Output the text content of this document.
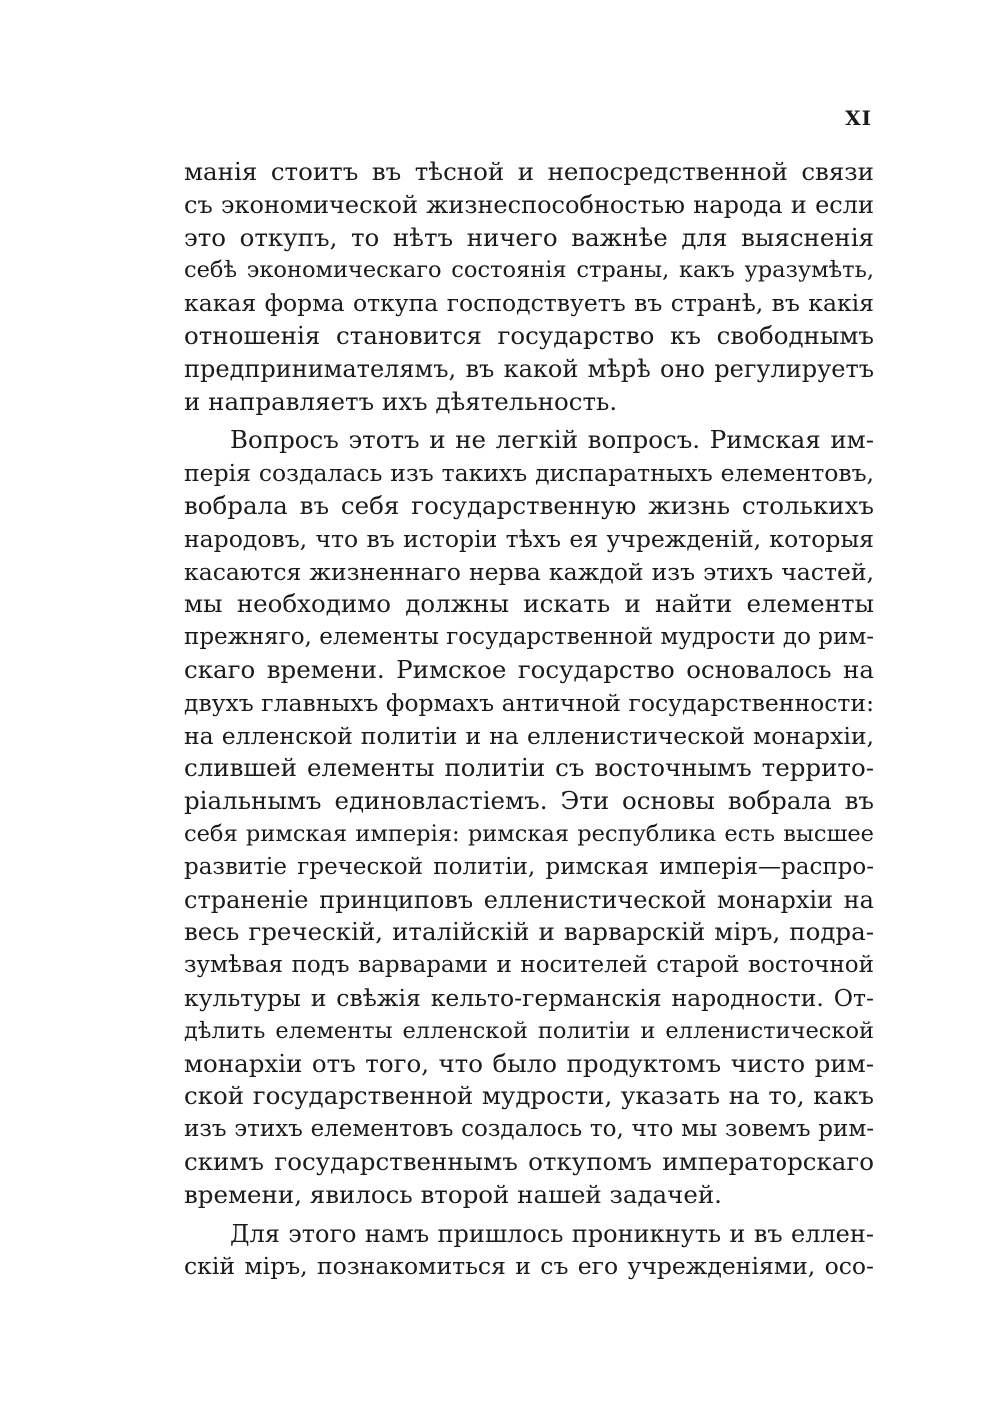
XI
манія стоитъ въ тѣсной и непосредственной связи
съ экономической жизнеспособностью народа и если
это откупъ, то нѣтъ ничего важнѣе для выясненія
себѣ экономическаго состоянія страны, какъ уразумѣть,
какая форма откупа господствуетъ въ странѣ, въ какія
отношенія становится государство къ свободнымъ
предпринимателямъ, въ какой мѣрѣ оно регулируетъ
и направляетъ ихъ дѣятельность.
Вопросъ этотъ и не легкій вопросъ. Римская им-
перія создалась изъ такихъ диспаратныхъ елементовъ,
вобрала въ себя государственную жизнь столькихъ
народовъ, что въ исторіи тѣхъ ея учрежденій, которыя
касаются жизненнаго нерва каждой изъ этихъ частей,
мы необходимо должны искать и найти елементы
прежняго, елементы государственной мудрости до рим-
скаго времени. Римское государство основалось на
двухъ главныхъ формахъ античной государственности:
на елленской политіи и на елленистической монархіи,
слившей елементы политіи съ восточнымъ террито-
ріальнымъ единовластіемъ. Эти основы вобрала въ
себя римская имперія: римская республика есть высшее
развитіе греческой политіи, римская имперія—распро-
страненіе принциповъ елленистической монархіи на
весь греческій, италійскій и варварскій міръ, подра-
зумѣвая подъ варварами и носителей старой восточной
культуры и свѣжія кельто-германскія народности. От-
дѣлить елементы елленской политіи и елленистической
монархіи отъ того, что было продуктомъ чисто рим-
ской государственной мудрости, указать на то, какъ
изъ этихъ елементовъ создалось то, что мы зовемъ рим-
скимъ государственнымъ откупомъ императорскаго
времени, явилось второй нашей задачей.
Для этого намъ пришлось проникнуть и въ еллен-
скій міръ, познакомиться и съ его учрежденіями, осо-
